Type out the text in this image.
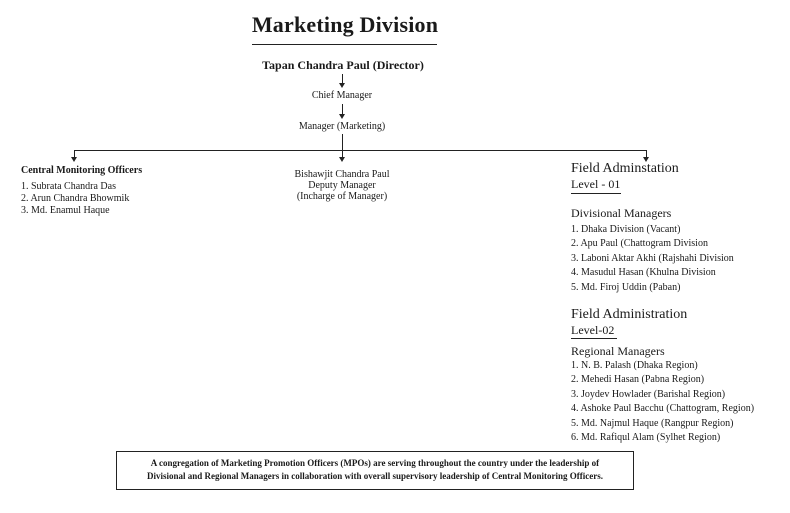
Marketing Division
Tapan Chandra Paul (Director)
Chief Manager
Manager (Marketing)
Bishawjit Chandra Paul
Deputy Manager
(Incharge of Manager)
Central Monitoring Officers
1. Subrata Chandra Das
2. Arun Chandra Bhowmik
3. Md. Enamul Haque
Field Adminstation
Level - 01
Divisional Managers
1. Dhaka Division (Vacant)
2. Apu Paul (Chattogram Division
3. Laboni Aktar Akhi (Rajshahi Division
4. Masudul Hasan (Khulna Division
5. Md. Firoj Uddin (Paban)
Field Administration
Level-02
Regional Managers
1. N. B. Palash (Dhaka Region)
2. Mehedi Hasan (Pabna Region)
3. Joydev Howlader (Barishal Region)
4. Ashoke Paul Bacchu (Chattogram, Region)
5. Md. Najmul Haque (Rangpur Region)
6. Md. Rafiqul Alam (Sylhet Region)
A congregation of Marketing Promotion Officers (MPOs) are serving throughout the country under the leadership of
Divisional and Regional Managers in collaboration with overall supervisory leadership of Central Monitoring Officers.
